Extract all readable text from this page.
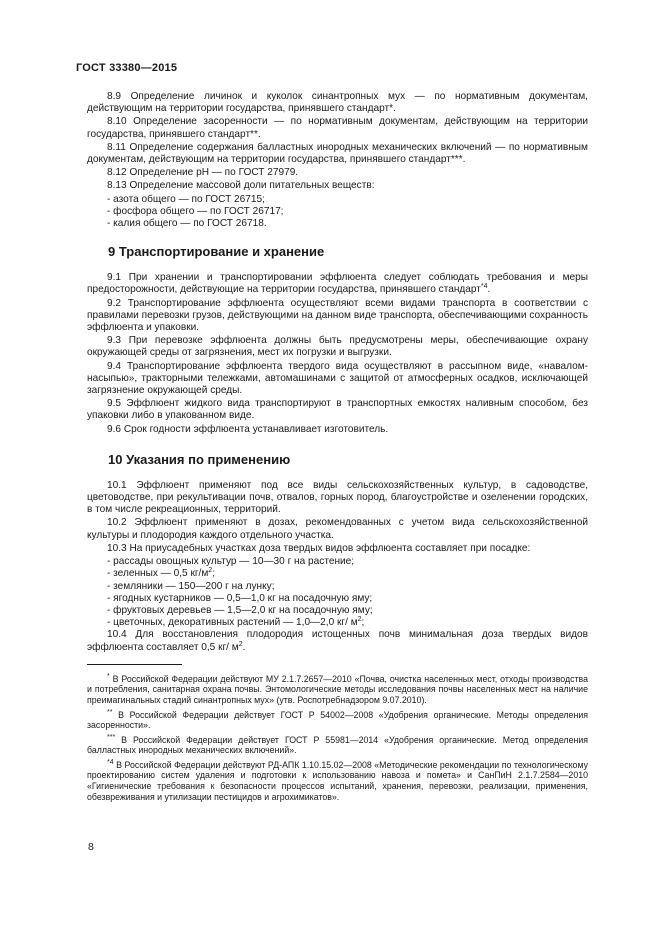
ГОСТ 33380—2015

8.9 Определение личинок и куколок синантропных мух — по нормативным документам, действующим на территории государства, принявшего стандарт*.

8.10 Определение засоренности — по нормативным документам, действующим на территории государства, принявшего стандарт**.

8.11 Определение содержания балластных инородных механических включений — по нормативным документам, действующим на территории государства, принявшего стандарт***.

8.12 Определение рН — по ГОСТ 27979.

8.13 Определение массовой доли питательных веществ:

- азота общего — по ГОСТ 26715;

- фосфора общего — по ГОСТ 26717;

- калия общего — по ГОСТ 26718.

9 Транспортирование и хранение

9.1 При хранении и транспортировании эффлюента следует соблюдать требования и меры предосторожности, действующие на территории государства, принявшего стандарт$^{*4}$.

9.2 Транспортирование эффлюента осуществляют всеми видами транспорта в соответствии с правилами перевозки грузов, действующими на данном виде транспорта, обеспечивающими сохранность эффлюента и упаковки.

9.3 При перевозке эффлюента должны быть предусмотрены меры, обеспечивающие охрану окружающей среды от загрязнения, мест их погрузки и выгрузки.

9.4 Транспортирование эффлюента твердого вида осуществляют в рассыпном виде, «навалом-насыпью», тракторными тележками, автомашинами с защитой от атмосферных осадков, исключающей загрязнение окружающей среды.

9.5 Эффлюент жидкого вида транспортируют в транспортных емкостях наливным способом, без упаковки либо в упакованном виде.

9.6 Срок годности эффлюента устанавливает изготовитель.

10 Указания по применению

10.1 Эффлюент применяют под все виды сельскохозяйственных культур, в садоводстве, цветоводстве, при рекультивации почв, отвалов, горных пород, благоустройстве и озеленении городских, в том числе рекреационных, территорий.

10.2 Эффлюент применяют в дозах, рекомендованных с учетом вида сельскохозяйственной культуры и плодородия каждого отдельного участка.

10.3 На приусадебных участках доза твердых видов эффлюента составляет при посадке:

- рассады овощных культур — 10—30 г на растение;

- зеленных — 0,5 $кг/м^2$;

- земляники — 150—200 г на лунку;

- ягодных кустарников — 0,5—1,0 кг на посадочную яму;

- фруктовых деревьев — 1,5—2,0 кг на посадочную яму;

- цветочных, декоративных растений — 1,0—2,0 кг/ $м^2$;

10.4 Для восстановления плодородия истощенных почв минимальная доза твердых видов эффлюента составляет 0,5 кг/ $м^2$.

* В Российской Федерации действуют МУ 2.1.7.2657—2010 «Почва, очистка населенных мест, отходы производства и потребления, санитарная охрана почвы. Энтомологические методы исследования почвы населенных мест на наличие преимагинальных стадий синантропных мух» (утв. Роспотребнадзором 9.07.2010).

** В Российской Федерации действует ГОСТ Р 54002—2008 «Удобрения органические. Методы определения засоренности».

*** В Российской Федерации действует ГОСТ Р 55981—2014 «Удобрения органические. Метод определения балластных инородных механических включений».

$^{*4}$ В Российской Федерации действуют РД-АПК 1.10.15.02—2008 «Методические рекомендации по технологическому проектированию систем удаления и подготовки к использованию навоза и помета» и СанПиН 2.1.7.2584—2010 «Гигиенические требования к безопасности процессов испытаний, хранения, перевозки, реализации, применения, обезвреживания и утилизации пестицидов и агрохимикатов».

8
